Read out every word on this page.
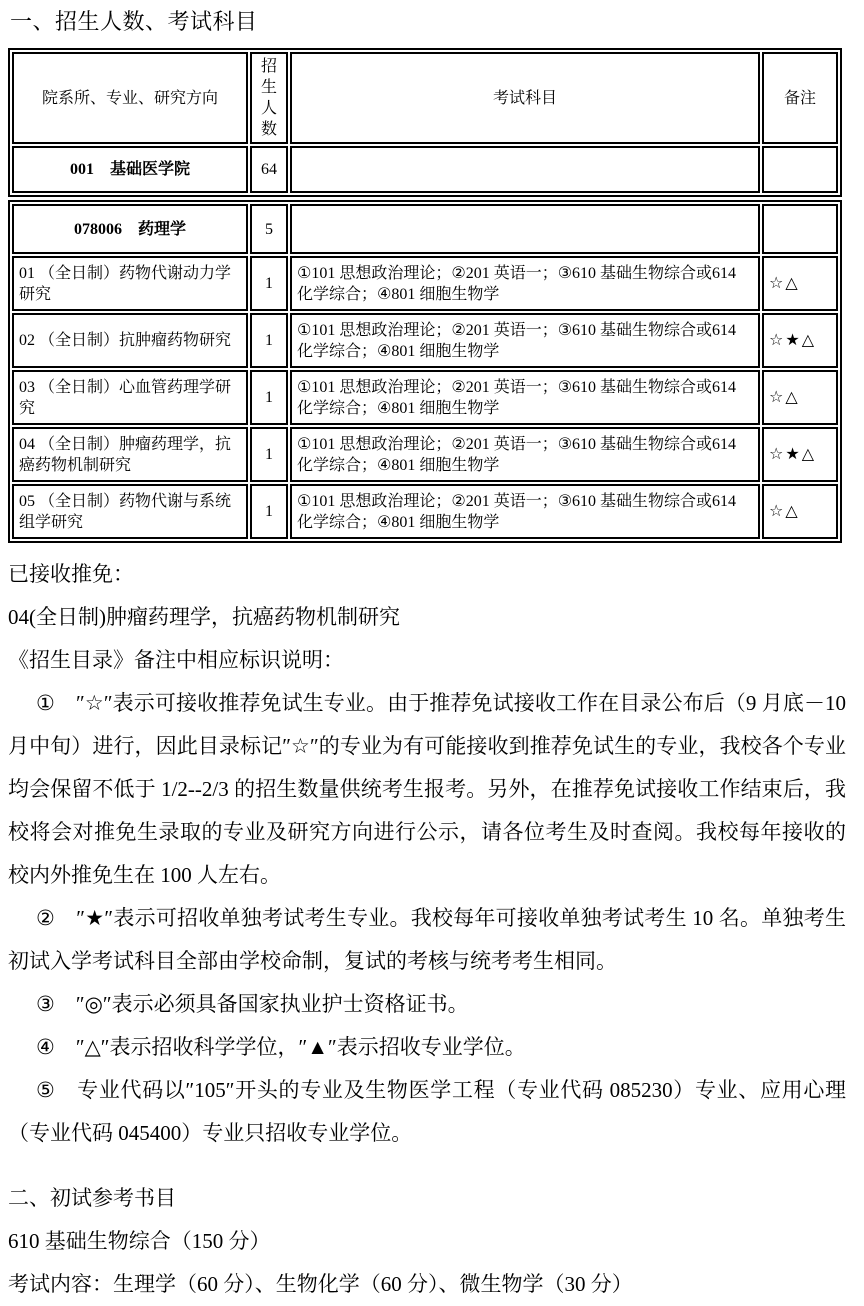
一、招生人数、考试科目
院系所、专业、研究方向	招生人数	考试科目	备注
001　基础医学院	64		
078006　药理学	5		
01 （全日制）药物代谢动力学研究	1	①101 思想政治理论；②201 英语一；③610 基础生物综合或614 化学综合；④801 细胞生物学	☆△
02 （全日制）抗肿瘤药物研究	1	①101 思想政治理论；②201 英语一；③610 基础生物综合或614 化学综合；④801 细胞生物学	☆★△
03 （全日制）心血管药理学研究	1	①101 思想政治理论；②201 英语一；③610 基础生物综合或614 化学综合；④801 细胞生物学	☆△
04 （全日制）肿瘤药理学，抗癌药物机制研究	1	①101 思想政治理论；②201 英语一；③610 基础生物综合或614 化学综合；④801 细胞生物学	☆★△
05 （全日制）药物代谢与系统组学研究	1	①101 思想政治理论；②201 英语一；③610 基础生物综合或614 化学综合；④801 细胞生物学	☆△

已接收推免：

04(全日制)肿瘤药理学，抗癌药物机制研究

《招生目录》备注中相应标识说明：

①　″☆″表示可接收推荐免试生专业。由于推荐免试接收工作在目录公布后（9 月底－10 月中旬）进行，因此目录标记″☆″的专业为有可能接收到推荐免试生的专业，我校各个专业均会保留不低于 1/2--2/3 的招生数量供统考生报考。另外，在推荐免试接收工作结束后，我校将会对推免生录取的专业及研究方向进行公示，请各位考生及时查阅。我校每年接收的校内外推免生在 100 人左右。

②　″★″表示可招收单独考试考生专业。我校每年可接收单独考试考生 10 名。单独考生初试入学考试科目全部由学校命制，复试的考核与统考考生相同。

③　″◎″表示必须具备国家执业护士资格证书。

④　″△″表示招收科学学位，″▲″表示招收专业学位。

⑤　专业代码以″105″开头的专业及生物医学工程（专业代码 085230）专业、应用心理（专业代码 045400）专业只招收专业学位。

二、初试参考书目

610 基础生物综合（150 分）

考试内容：生理学（60 分）、生物化学（60 分）、微生物学（30 分）
